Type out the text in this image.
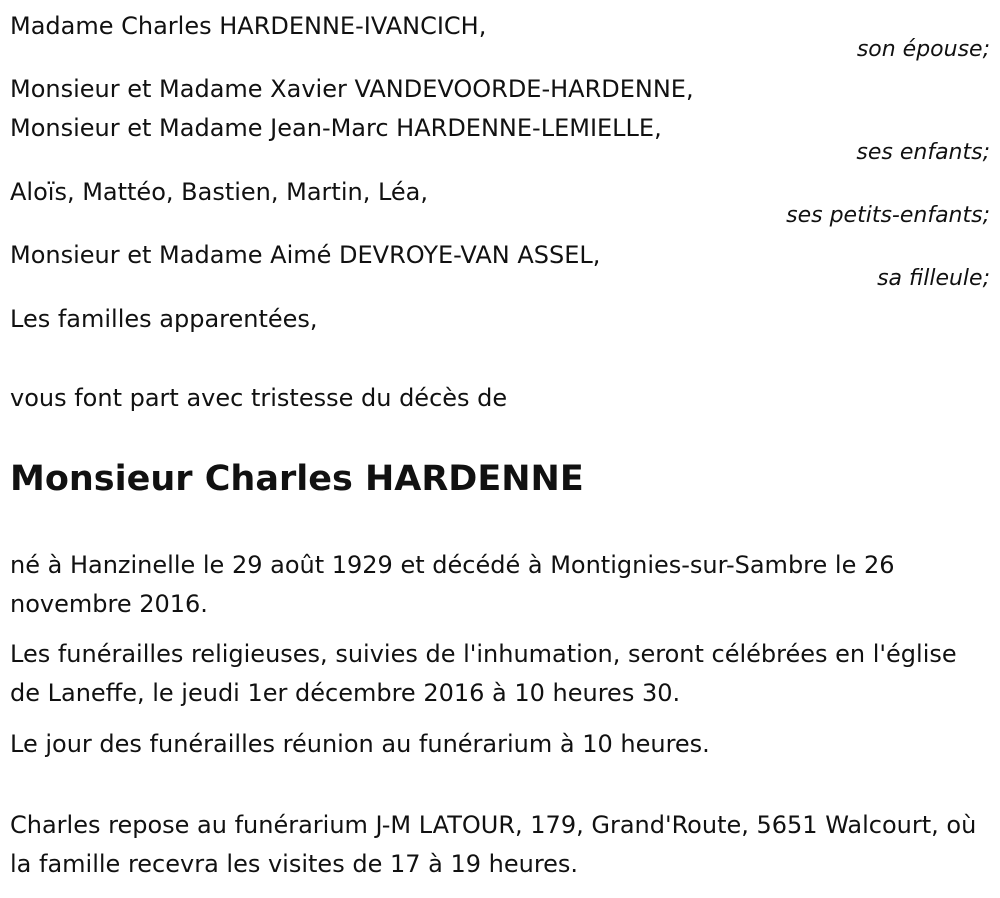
Madame Charles HARDENNE-IVANCICH,
son épouse;
Monsieur et Madame Xavier VANDEVOORDE-HARDENNE,
Monsieur et Madame Jean-Marc HARDENNE-LEMIELLE,
ses enfants;
Aloïs, Mattéo, Bastien, Martin, Léa,
ses petits-enfants;
Monsieur et Madame Aimé DEVROYE-VAN ASSEL,
sa filleule;
Les familles apparentées,
vous font part avec tristesse du décès de
Monsieur Charles HARDENNE
né à Hanzinelle le 29 août 1929 et décédé à Montignies-sur-Sambre le 26 novembre 2016.
Les funérailles religieuses, suivies de l'inhumation, seront célébrées en l'église de Laneffe, le jeudi 1er décembre 2016 à 10 heures 30.
Le jour des funérailles réunion au funérarium à 10 heures.
Charles repose au funérarium J-M LATOUR, 179, Grand'Route, 5651 Walcourt, où la famille recevra les visites de 17 à 19 heures.
